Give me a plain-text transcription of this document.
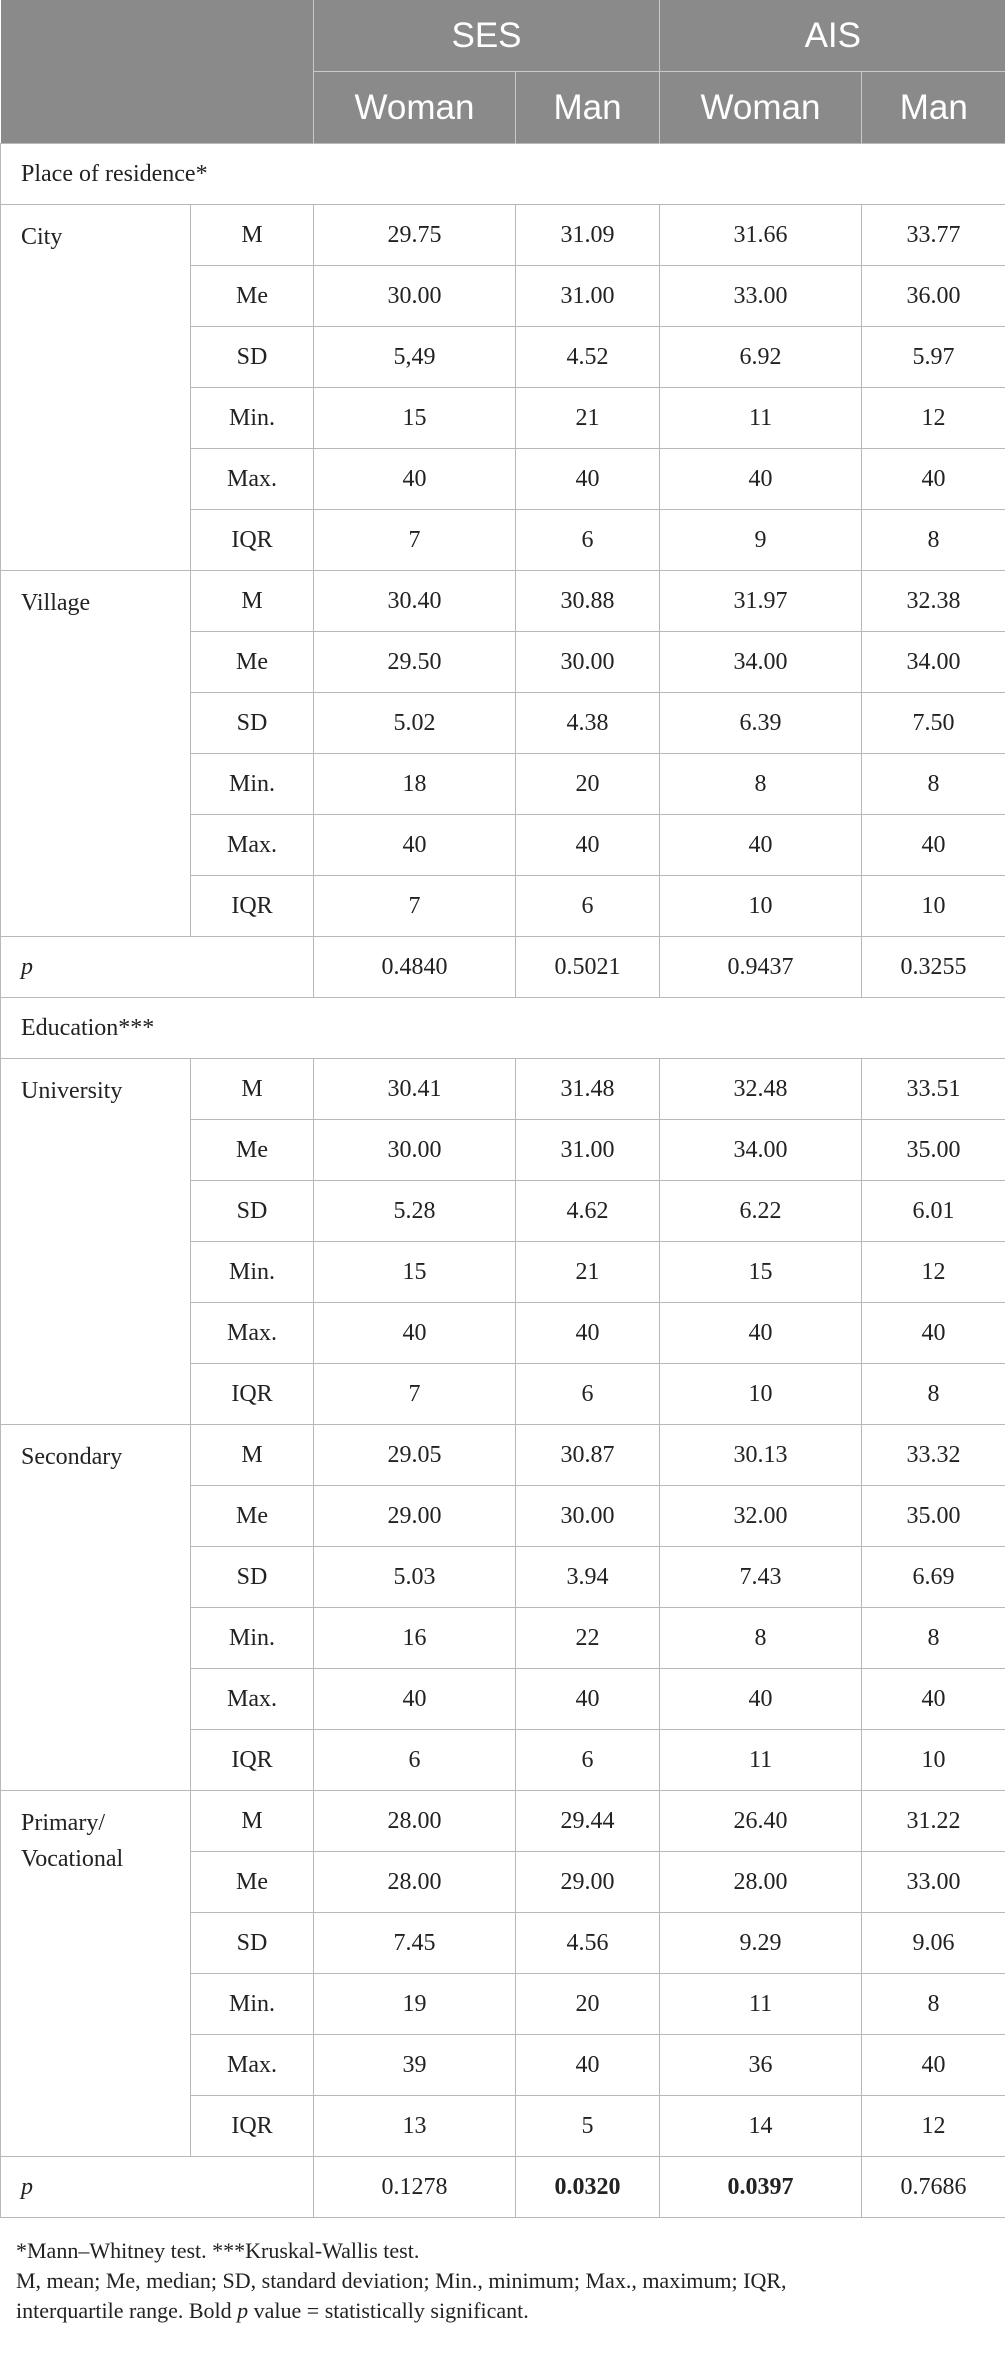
		SES		AIS	
		Woman	Man	Woman	Man
Place of residence*					
City	M	29.75	31.09	31.66	33.77
	Me	30.00	31.00	33.00	36.00
	SD	5,49	4.52	6.92	5.97
	Min.	15	21	11	12
	Max.	40	40	40	40
	IQR	7	6	9	8
Village	M	30.40	30.88	31.97	32.38
	Me	29.50	30.00	34.00	34.00
	SD	5.02	4.38	6.39	7.50
	Min.	18	20	8	8
	Max.	40	40	40	40
	IQR	7	6	10	10
p		0.4840	0.5021	0.9437	0.3255
Education***					
University	M	30.41	31.48	32.48	33.51
	Me	30.00	31.00	34.00	35.00
	SD	5.28	4.62	6.22	6.01
	Min.	15	21	15	12
	Max.	40	40	40	40
	IQR	7	6	10	8
Secondary	M	29.05	30.87	30.13	33.32
	Me	29.00	30.00	32.00	35.00
	SD	5.03	3.94	7.43	6.69
	Min.	16	22	8	8
	Max.	40	40	40	40
	IQR	6	6	11	10
Primary/ Vocational	M	28.00	29.44	26.40	31.22
	Me	28.00	29.00	28.00	33.00
	SD	7.45	4.56	9.29	9.06
	Min.	19	20	11	8
	Max.	39	40	36	40
	IQR	13	5	14	12
p		0.1278	0.0320	0.0397	0.7686
*Mann–Whitney test. ***Kruskal-Wallis test.
M, mean; Me, median; SD, standard deviation; Min., minimum; Max., maximum; IQR,
interquartile range. Bold p value = statistically significant.
